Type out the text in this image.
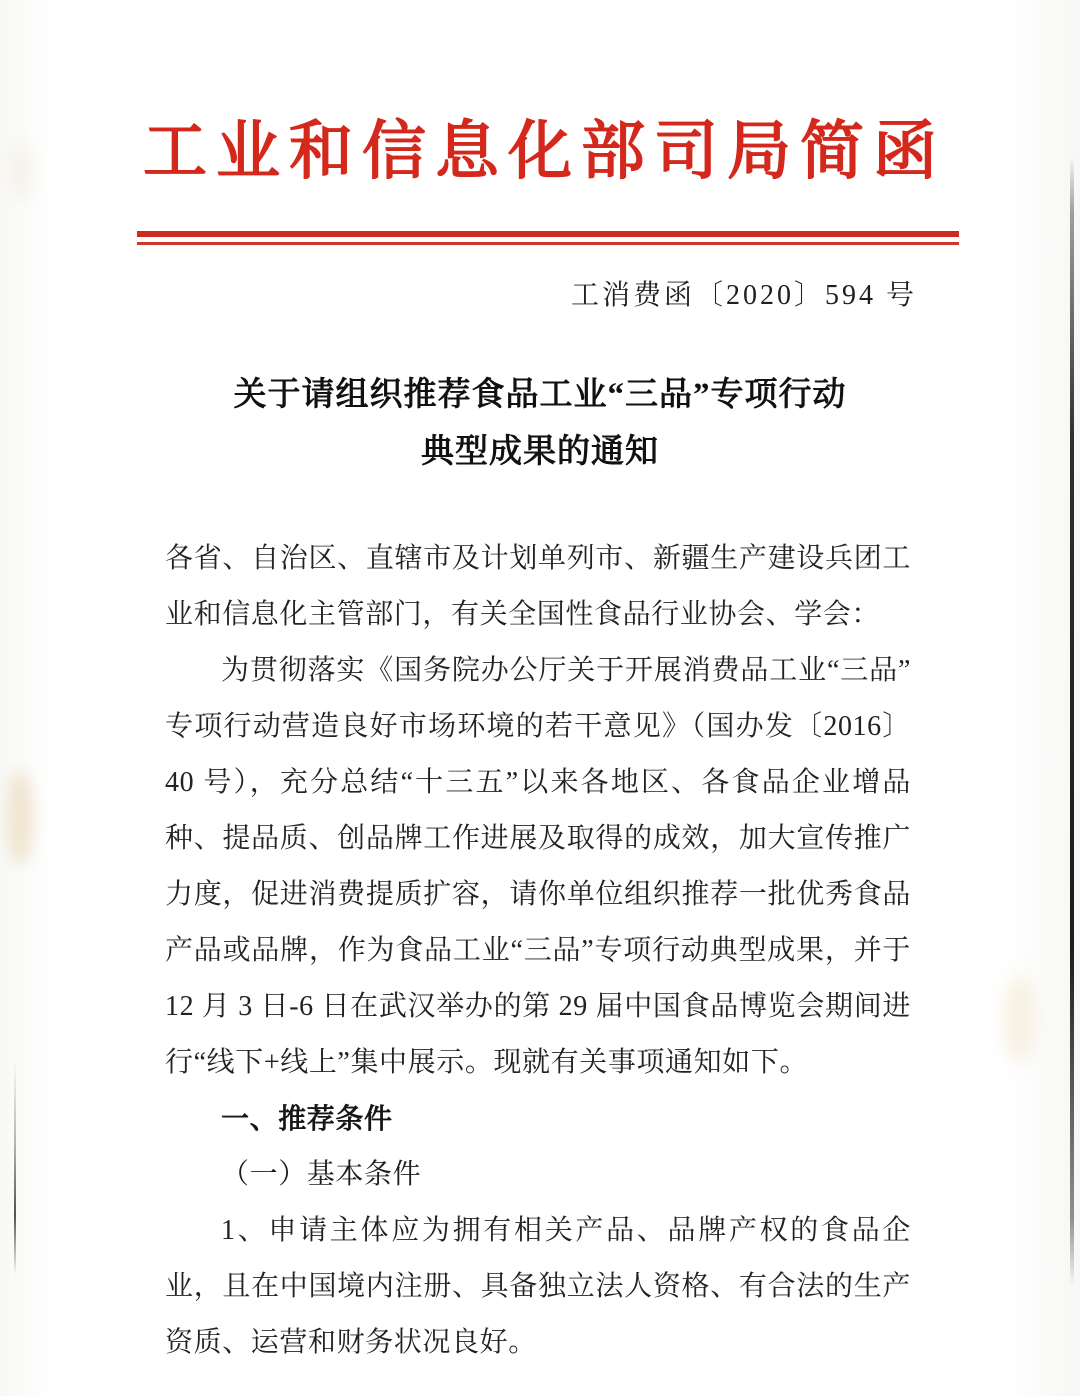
工业和信息化部司局简函
工消费函〔2020〕594 号
关于请组织推荐食品工业“三品”专项行动
典型成果的通知

各省、自治区、直辖市及计划单列市、新疆生产建设兵团工业和信息化主管部门，有关全国性食品行业协会、学会：

为贯彻落实《国务院办公厅关于开展消费品工业“三品”专项行动营造良好市场环境的若干意见》（国办发〔2016〕40 号），充分总结“十三五”以来各地区、各食品企业增品种、提品质、创品牌工作进展及取得的成效，加大宣传推广力度，促进消费提质扩容，请你单位组织推荐一批优秀食品产品或品牌，作为食品工业“三品”专项行动典型成果，并于 12 月 3 日-6 日在武汉举办的第 29 届中国食品博览会期间进行“线下+线上”集中展示。现就有关事项通知如下。

一、推荐条件

（一）基本条件

1、申请主体应为拥有相关产品、品牌产权的食品企业，且在中国境内注册、具备独立法人资格、有合法的生产资质、运营和财务状况良好。
